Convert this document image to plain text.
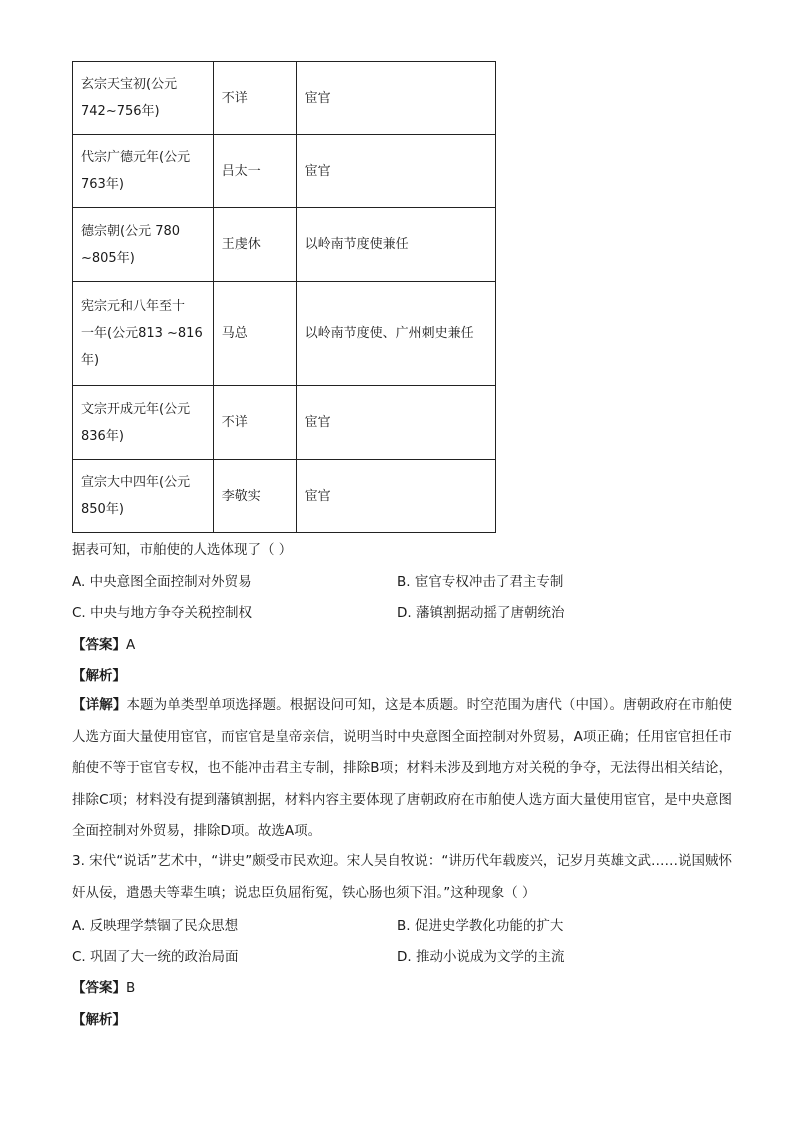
玄宗天宝初(公元
742~756年)	不详	宦官

代宗广德元年(公元
763年)	吕太一	宦官

德宗朝(公元 780
~805年)	王虔休	以岭南节度使兼任

宪宗元和八年至十
一年(公元813 ~816
年)	马总	以岭南节度使、广州刺史兼任

文宗开成元年(公元
836年)	不详	宦官

宣宗大中四年(公元
850年)	李敬实	宦官
据表可知，市舶使的人选体现了（ ）
A. 中央意图全面控制对外贸易	B. 宦官专权冲击了君主专制
C. 中央与地方争夺关税控制权	D. 藩镇割据动摇了唐朝统治
【答案】A
【解析】
【详解】本题为单类型单项选择题。根据设问可知，这是本质题。时空范围为唐代（中国）。唐朝政府在市舶使人选方面大量使用宦官，而宦官是皇帝亲信，说明当时中央意图全面控制对外贸易，A项正确；任用宦官担任市舶使不等于宦官专权，也不能冲击君主专制，排除B项；材料未涉及到地方对关税的争夺，无法得出相关结论，排除C项；材料没有提到藩镇割据，材料内容主要体现了唐朝政府在市舶使人选方面大量使用宦官，是中央意图全面控制对外贸易，排除D项。故选A项。
3. 宋代“说话”艺术中，“讲史”颇受市民欢迎。宋人吴自牧说：“讲历代年载废兴，记岁月英雄文武……说国贼怀奸从佞，遣愚夫等辈生嗔；说忠臣负屈衔冤，铁心肠也须下泪。”这种现象（ ）
A. 反映理学禁锢了民众思想	B. 促进史学教化功能的扩大
C. 巩固了大一统的政治局面	D. 推动小说成为文学的主流
【答案】B
【解析】
